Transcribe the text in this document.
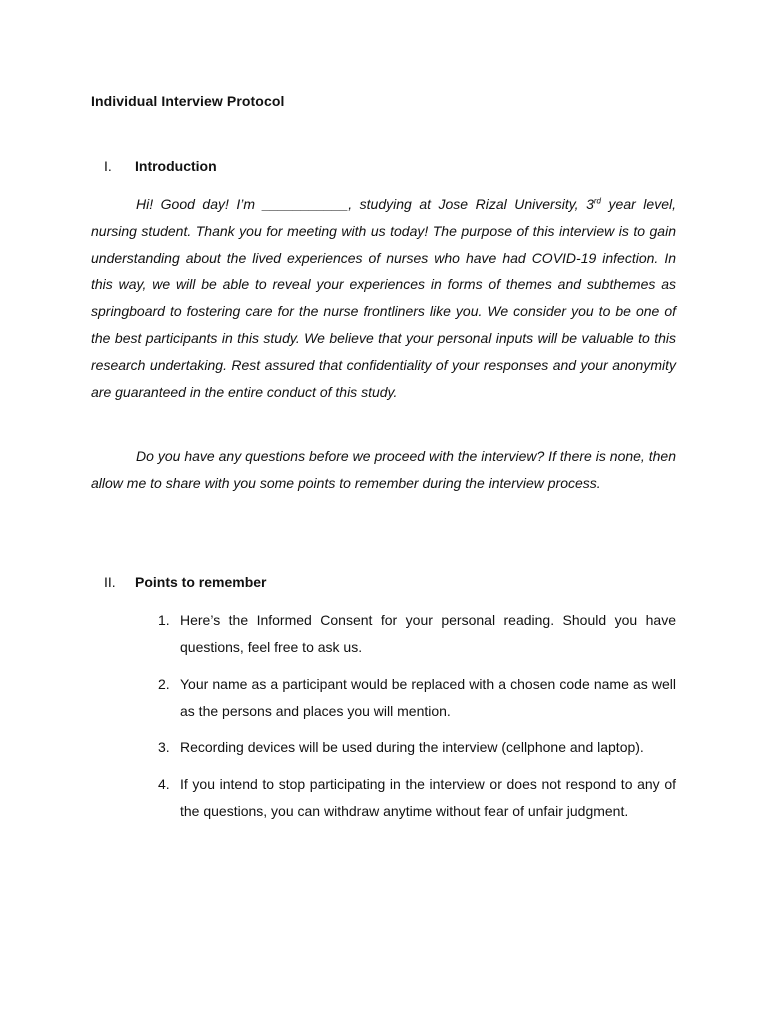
Individual Interview Protocol
I. Introduction

Hi! Good day! I’m ___________, studying at Jose Rizal University, 3rd year level, nursing student. Thank you for meeting with us today! The purpose of this interview is to gain understanding about the lived experiences of nurses who have had COVID-19 infection. In this way, we will be able to reveal your experiences in forms of themes and subthemes as springboard to fostering care for the nurse frontliners like you. We consider you to be one of the best participants in this study. We believe that your personal inputs will be valuable to this research undertaking. Rest assured that confidentiality of your responses and your anonymity are guaranteed in the entire conduct of this study.

Do you have any questions before we proceed with the interview? If there is none, then allow me to share with you some points to remember during the interview process.

II. Points to remember
1. Here’s the Informed Consent for your personal reading. Should you have questions, feel free to ask us.
2. Your name as a participant would be replaced with a chosen code name as well as the persons and places you will mention.
3. Recording devices will be used during the interview (cellphone and laptop).
4. If you intend to stop participating in the interview or does not respond to any of the questions, you can withdraw anytime without fear of unfair judgment.
